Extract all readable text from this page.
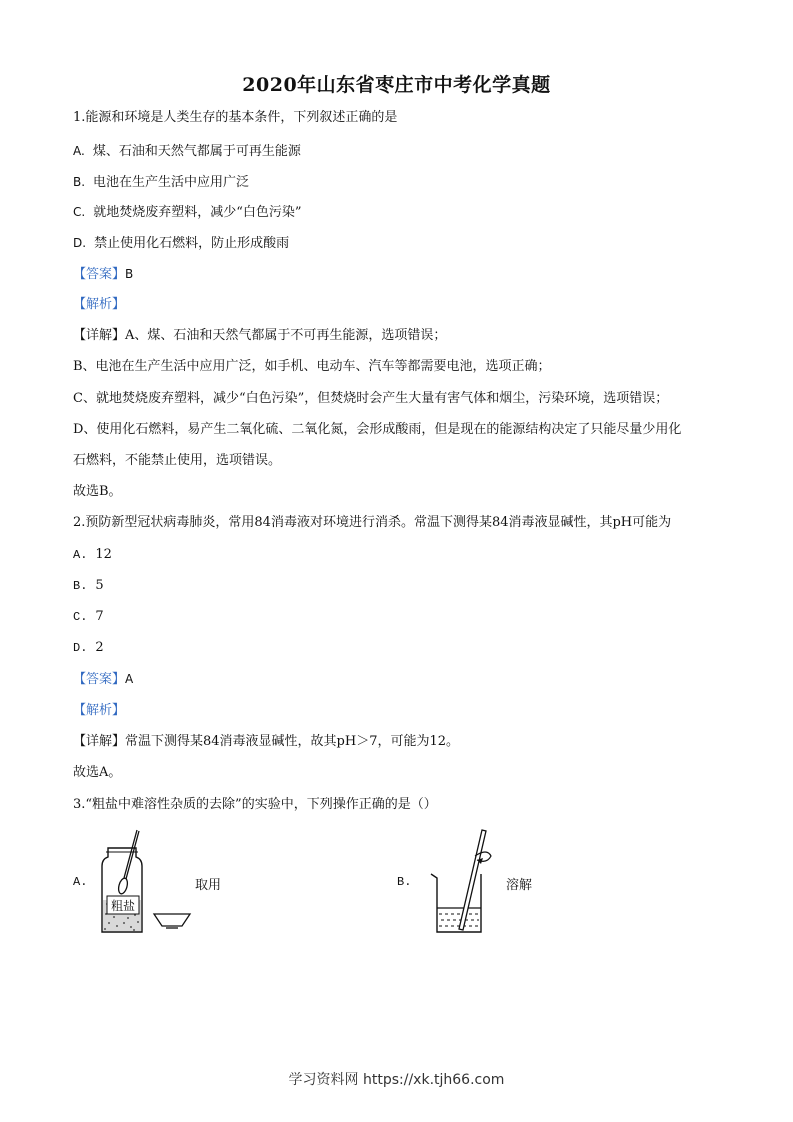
2020年山东省枣庄市中考化学真题
1.能源和环境是人类生存的基本条件，下列叙述正确的是
A. 煤、石油和天然气都属于可再生能源
B. 电池在生产生活中应用广泛
C. 就地焚烧废弃塑料，减少“白色污染”
D. 禁止使用化石燃料，防止形成酸雨
【答案】B
【解析】
【详解】A、煤、石油和天然气都属于不可再生能源，选项错误；
B、电池在生产生活中应用广泛，如手机、电动车、汽车等都需要电池，选项正确；
C、就地焚烧废弃塑料，减少“白色污染”，但焚烧时会产生大量有害气体和烟尘，污染环境，选项错误；
D、使用化石燃料，易产生二氧化硫、二氧化氮，会形成酸雨，但是现在的能源结构决定了只能尽量少用化
石燃料，不能禁止使用，选项错误。
故选B。
2.预防新型冠状病毒肺炎，常用84消毒液对环境进行消杀。常温下测得某84消毒液显碱性，其pH可能为
A. 12
B. 5
C. 7
D. 2
【答案】A
【解析】
【详解】常温下测得某84消毒液显碱性，故其pH＞7，可能为12。
故选A。
3.“粗盐中难溶性杂质的去除”的实验中，下列操作正确的是（）
A.
粗盐
取用	B.	溶解
学习资料网 https://xk.tjh66.com
